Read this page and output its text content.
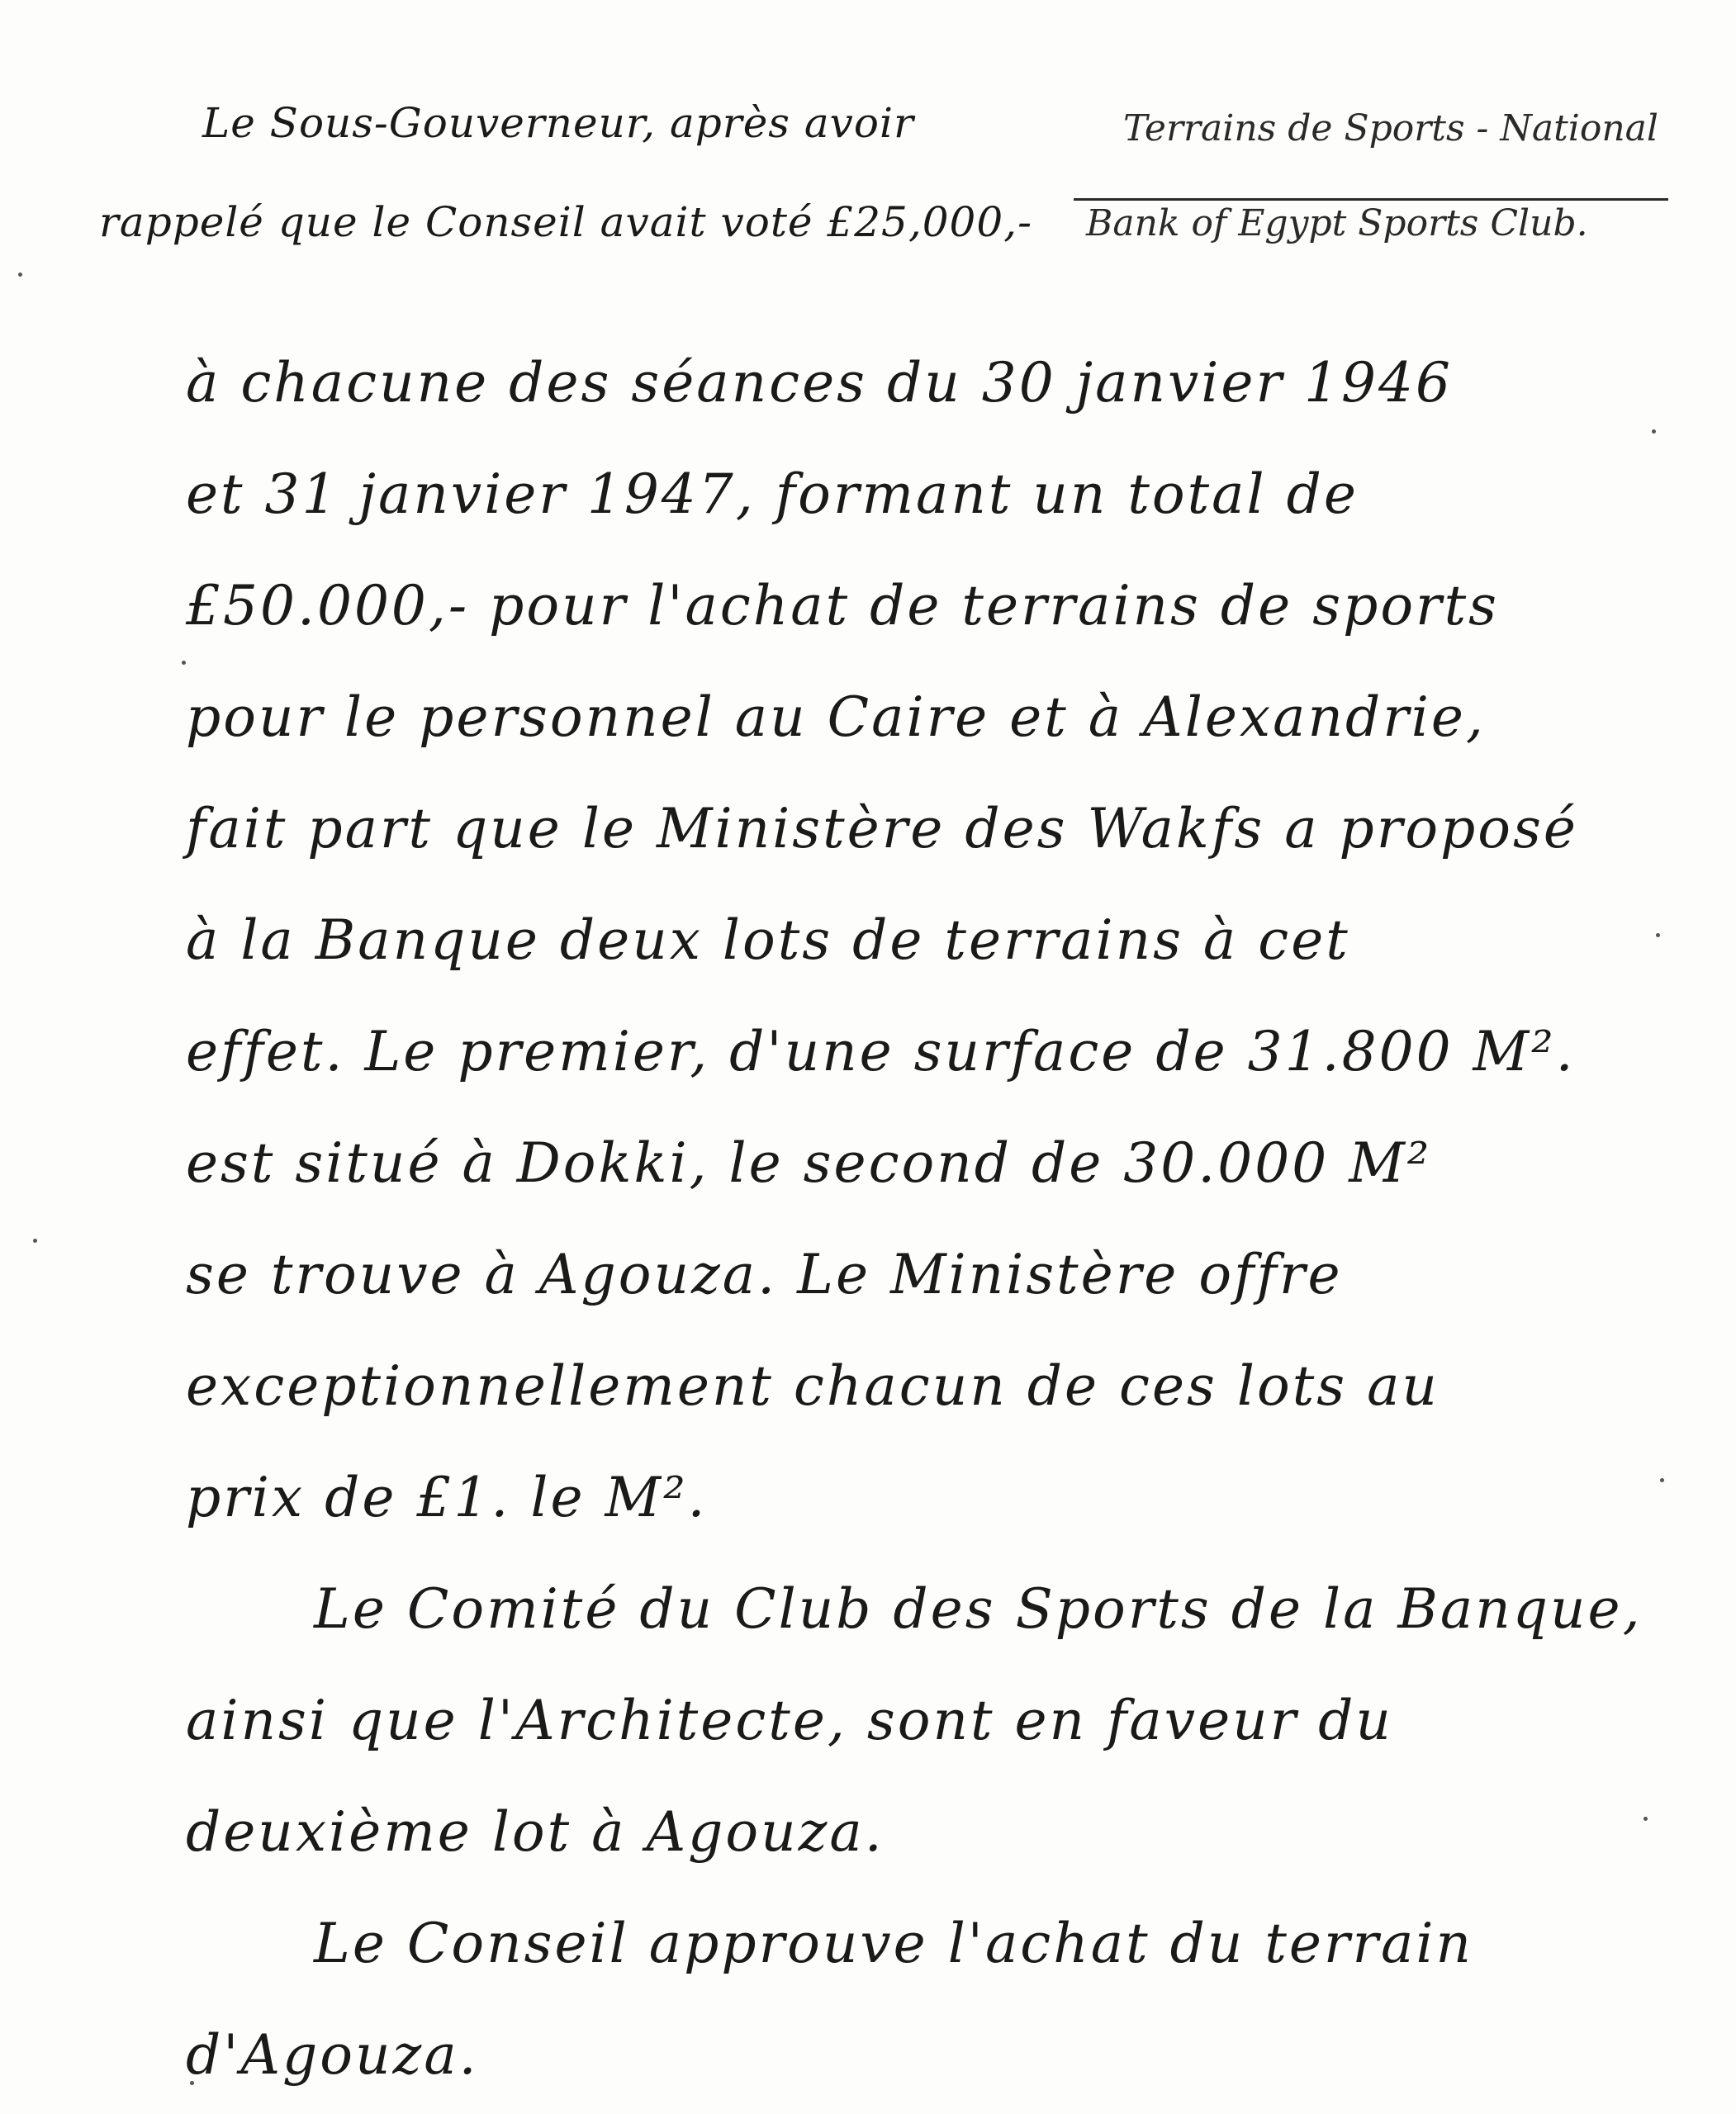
Le Sous-Gouverneur, après avoir
rappelé que le Conseil avait voté £25,000,-
Terrains de Sports - National
Bank of Egypt Sports Club.
à chacune des séances du 30 janvier 1946
et 31 janvier 1947, formant un total de
£50.000,- pour l'achat de terrains de sports
pour le personnel au Caire et à Alexandrie,
fait part que le Ministère des Wakfs a proposé
à la Banque deux lots de terrains à cet
effet. Le premier, d'une surface de 31.800 M².
est situé à Dokki, le second de 30.000 M²
se trouve à Agouza. Le Ministère offre
exceptionnellement chacun de ces lots au
prix de £1. le M².
Le Comité du Club des Sports de la Banque,
ainsi que l'Architecte, sont en faveur du
deuxième lot à Agouza.
Le Conseil approuve l'achat du terrain
d'Agouza.
